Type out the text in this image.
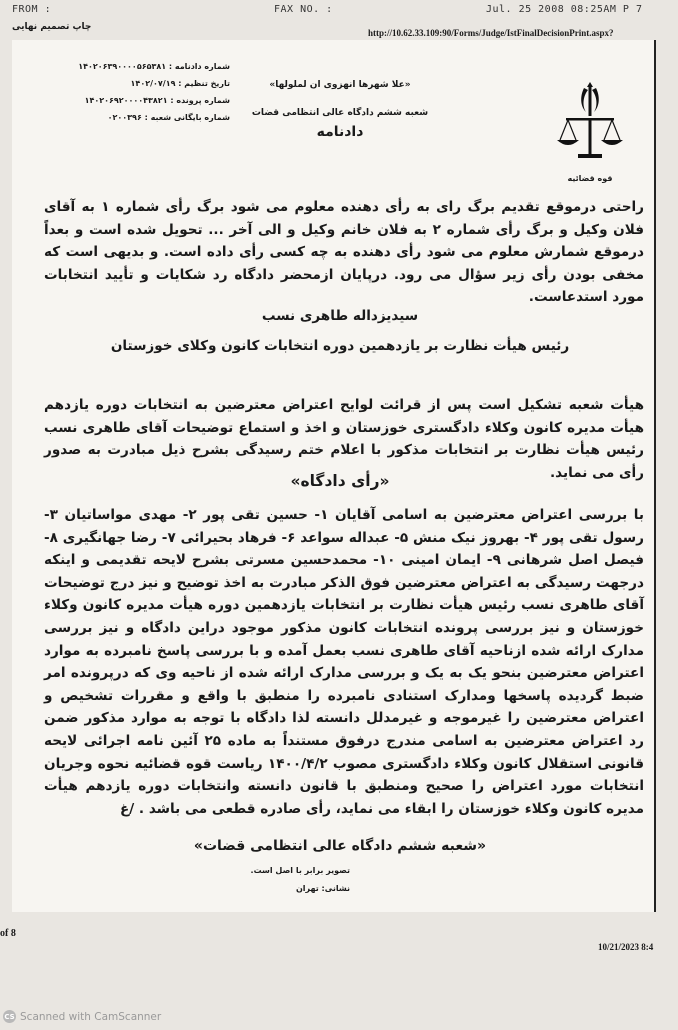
FROM :	FAX NO. :	Jul. 25 2008 08:25AM P 7
چاپ تصمیم نهایی
http://10.62.33.109:90/Forms/Judge/IstFinalDecisionPrint.aspx?
شماره دادنامه : ۱۴۰۲۰۶۳۹۰۰۰۰۵۶۵۳۸۱
تاریخ تنظیم : ۱۴۰۲/۰۷/۱۹
شماره پرونده : ۱۴۰۲۰۶۹۲۰۰۰۰۴۳۸۲۱
شماره بایگانی شعبه : ۰۲۰۰۳۹۶
«علا شهرها انهزوی ان لملولها»
شعبه ششم دادگاه عالی انتظامی قضات
دادنامه
قوه قضائیه
راحتی درموقع تقدیم برگ رای به رأی دهنده معلوم می شود برگ رأی شماره ۱ به آقای فلان وکیل و برگ رأی شماره ۲ به فلان خانم وکیل و الی آخر ... تحویل شده است و بعداً درموقع شمارش معلوم می شود رأی دهنده به چه کسی رأی داده است. و بدیهی است که مخفی بودن رأی زیر سؤال می رود. درپایان ازمحضر دادگاه رد شکایات و تأیید انتخابات مورد استدعاست.
سیدیزداله طاهری نسب
رئیس هیأت نظارت بر یازدهمین دوره انتخابات کانون وکلای خوزستان
هیأت شعبه تشکیل است پس از قرائت لوایح اعتراض معترضین به انتخابات دوره یازدهم هیأت مدیره کانون وکلاء دادگستری خوزستان و اخذ و استماع توضیحات آقای طاهری نسب رئیس هیأت نظارت بر انتخابات مذکور با اعلام ختم رسیدگی بشرح ذیل مبادرت به صدور رأی می نماید.
«رأی دادگاه»
با بررسی اعتراض معترضین به اسامی آقایان ۱- حسین تقی پور ۲- مهدی مواساتیان ۳- رسول تقی پور ۴- بهروز نیک منش ۵- عبداله سواعد ۶- فرهاد بحیرائی ۷- رضا جهانگیری ۸- فیصل اصل شرهانی ۹- ایمان امینی ۱۰- محمدحسین مسرتی بشرح لایحه تقدیمی و اینکه درجهت رسیدگی به اعتراض معترضین فوق الذکر مبادرت به اخذ توضیح و نیز درج توضیحات آقای طاهری نسب رئیس هیأت نظارت بر انتخابات یازدهمین دوره هیأت مدیره کانون وکلاء خوزستان و نیز بررسی پرونده انتخابات کانون مذکور موجود دراین دادگاه و نیز بررسی مدارک ارائه شده ازناحیه آقای طاهری نسب بعمل آمده و با بررسی پاسخ نامبرده به موارد اعتراض معترضین بنحو یک به یک و بررسی مدارک ارائه شده از ناحیه وی که درپرونده امر ضبط گردیده پاسخها ومدارک استنادی نامبرده را منطبق با واقع و مقررات تشخیص و اعتراض معترضین را غیرموجه و غیرمدلل دانسته لذا دادگاه با توجه به موارد مذکور ضمن رد اعتراض معترضین به اسامی مندرج درفوق مستنداً به ماده ۲۵ آئین نامه اجرائی لایحه قانونی استقلال کانون وکلاء دادگستری مصوب ۱۴۰۰/۴/۲ ریاست قوه قضائیه نحوه وجریان انتخابات مورد اعتراض را صحیح ومنطبق با قانون دانسته وانتخابات دوره یازدهم هیأت مدیره کانون وکلاء خوزستان را ابقاء می نماید، رأی صادره قطعی می باشد . /غ
«شعبه ششم دادگاه عالی انتظامی قضات»
تصویر برابر با اصل است.
نشانی: تهران
of 8
10/21/2023 8:4
CS Scanned with CamScanner
